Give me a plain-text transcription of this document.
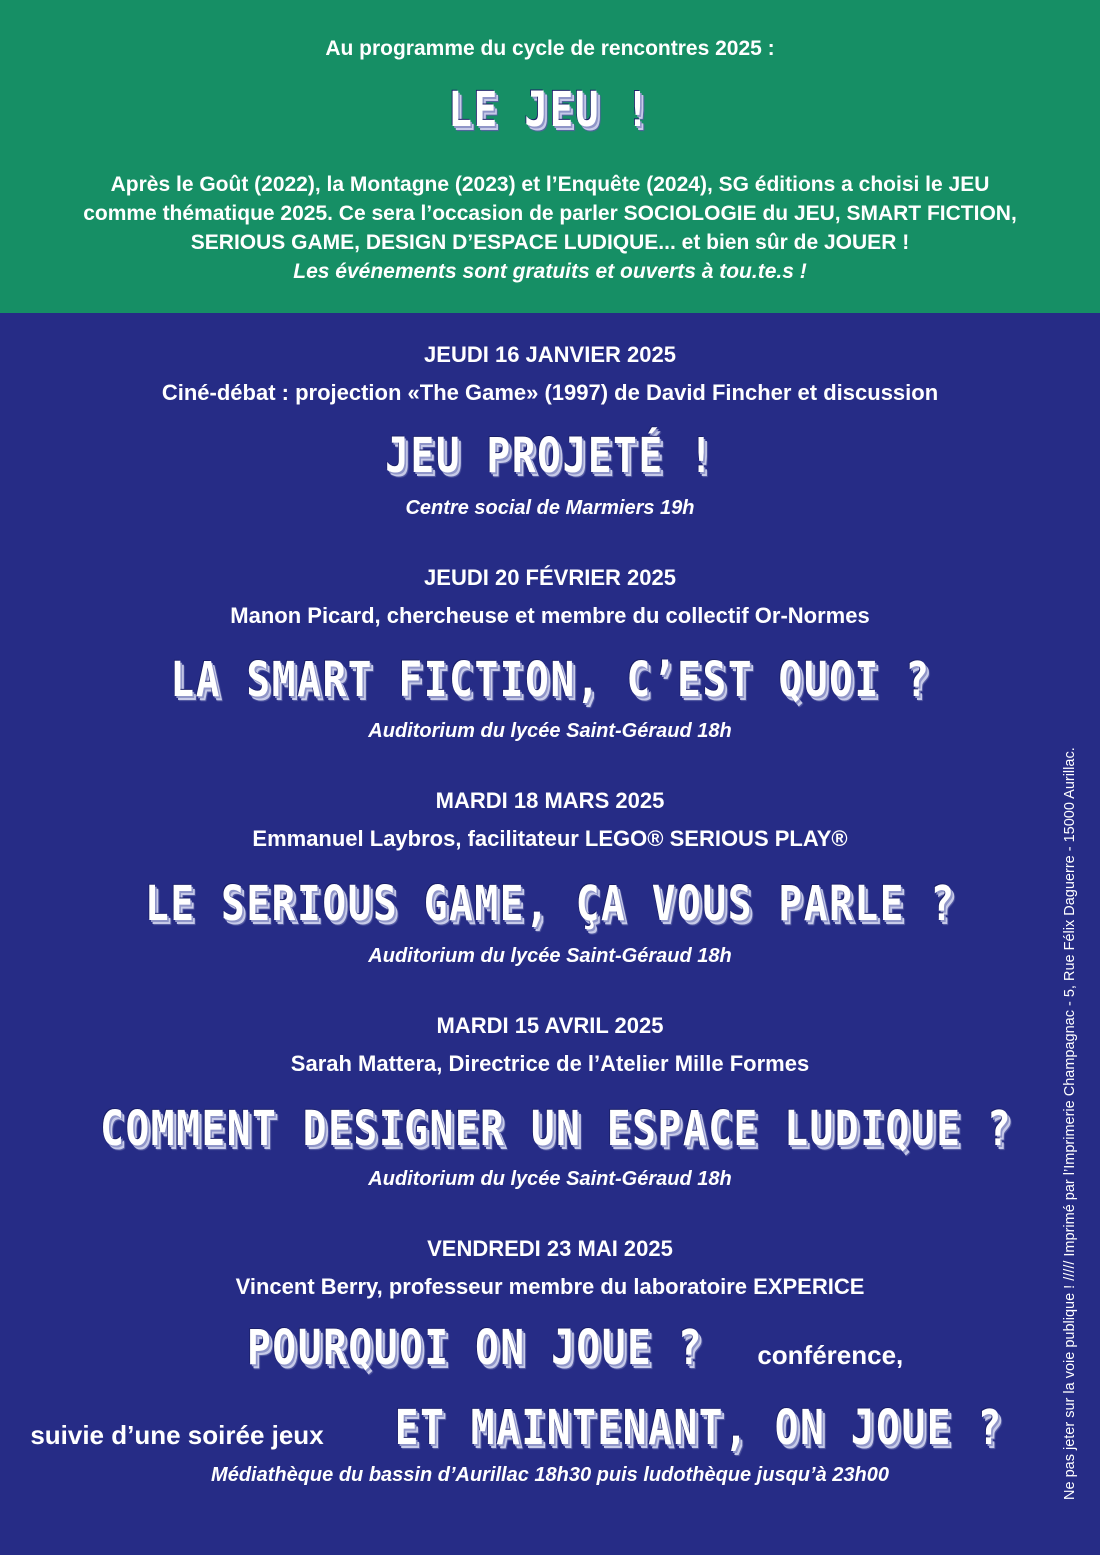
Au programme du cycle de rencontres 2025 :
LE JEU !
Après le Goût (2022), la Montagne (2023) et l’Enquête (2024), SG éditions a choisi le JEU
comme thématique 2025. Ce sera l’occasion de parler SOCIOLOGIE du JEU, SMART FICTION,
SERIOUS GAME, DESIGN D’ESPACE LUDIQUE... et bien sûr de JOUER !
Les événements sont gratuits et ouverts à tou.te.s !
JEUDI 16 JANVIER 2025
Ciné-débat : projection «The Game» (1997) de David Fincher et discussion
JEU PROJETÉ !
Centre social de Marmiers 19h
JEUDI 20 FÉVRIER 2025
Manon Picard, chercheuse et membre du collectif Or-Normes
LA SMART FICTION, C’EST QUOI ?
Auditorium du lycée Saint-Géraud 18h
MARDI 18 MARS 2025
Emmanuel Laybros, facilitateur LEGO® SERIOUS PLAY®
LE SERIOUS GAME, ÇA VOUS PARLE ?
Auditorium du lycée Saint-Géraud 18h
MARDI 15 AVRIL 2025
Sarah Mattera, Directrice de l’Atelier Mille Formes
COMMENT DESIGNER UN ESPACE LUDIQUE ?
Auditorium du lycée Saint-Géraud 18h
VENDREDI 23 MAI 2025
Vincent Berry, professeur membre du laboratoire EXPERICE
POURQUOI ON JOUE ? conférence,
suivie d’une soirée jeux ET MAINTENANT, ON JOUE ?
Médiathèque du bassin d’Aurillac 18h30 puis ludothèque jusqu’à 23h00	Ne pas jeter sur la voie publique ! ///// Imprimé par l’Imprimerie Champagnac - 5, Rue Félix Daguerre - 15000 Aurillac.
